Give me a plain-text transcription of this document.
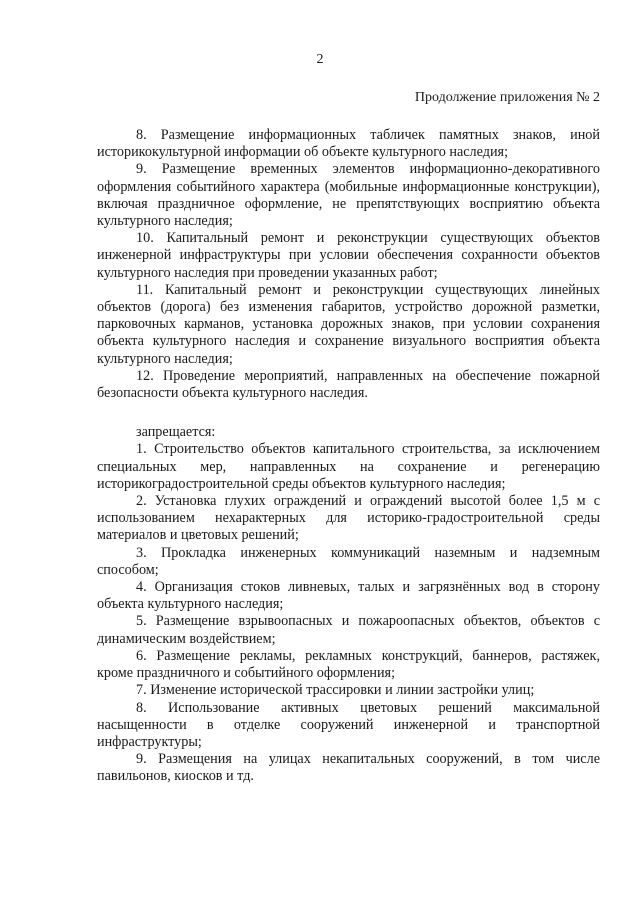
2
Продолжение приложения № 2

8. Размещение информационных табличек памятных знаков, иной историкокультурной информации об объекте культурного наследия;

9. Размещение временных элементов информационно-декоративного оформления событийного характера (мобильные информационные конструкции), включая праздничное оформление, не препятствующих восприятию объекта культурного наследия;

10. Капитальный ремонт и реконструкции существующих объектов инженерной инфраструктуры при условии обеспечения сохранности объектов культурного наследия при проведении указанных работ;

11. Капитальный ремонт и реконструкции существующих линейных объектов (дорога) без изменения габаритов, устройство дорожной разметки, парковочных карманов, установка дорожных знаков, при условии сохранения объекта культурного наследия и сохранение визуального восприятия объекта культурного наследия;

12. Проведение мероприятий, направленных на обеспечение пожарной безопасности объекта культурного наследия.

запрещается:

1. Строительство объектов капитального строительства, за исключением специальных мер, направленных на сохранение и регенерацию историкоградостроительной среды объектов культурного наследия;

2. Установка глухих ограждений и ограждений высотой более 1,5 м с использованием нехарактерных для историко-градостроительной среды материалов и цветовых решений;

3. Прокладка инженерных коммуникаций наземным и надземным способом;

4. Организация стоков ливневых, талых и загрязнённых вод в сторону объекта культурного наследия;

5. Размещение взрывоопасных и пожароопасных объектов, объектов с динамическим воздействием;

6. Размещение рекламы, рекламных конструкций, баннеров, растяжек, кроме праздничного и событийного оформления;

7. Изменение исторической трассировки и линии застройки улиц;

8. Использование активных цветовых решений максимальной насыщенности в отделке сооружений инженерной и транспортной инфраструктуры;

9. Размещения на улицах некапитальных сооружений, в том числе павильонов, киосков и тд.
